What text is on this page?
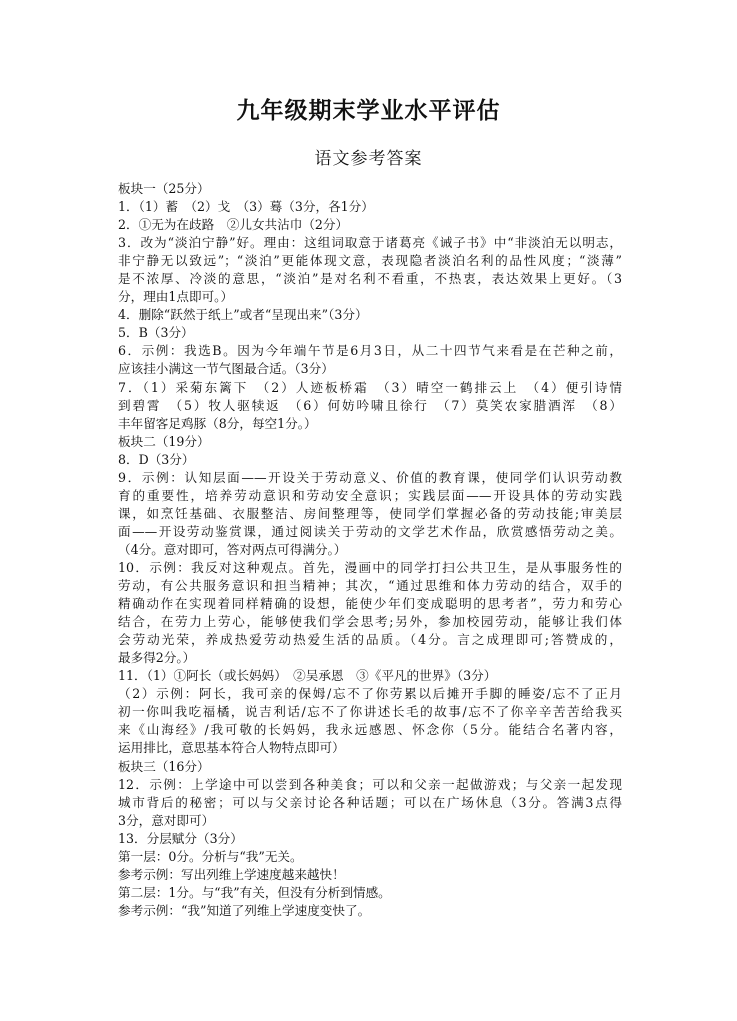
九年级期末学业水平评估
语文参考答案
板块一（25分）
1．（1）蓄　（2）戈　（3）蓦（3分，各1分）
2．①无为在歧路　②儿女共沾巾（2分）
3．改为“淡泊宁静”好。理由：这组词取意于诸葛亮《诫子书》中“非淡泊无以明志，
非宁静无以致远”；“淡泊”更能体现文意，表现隐者淡泊名利的品性风度；“淡薄”
是不浓厚、冷淡的意思，“淡泊”是对名利不看重，不热衷，表达效果上更好。（3
分，理由1点即可。）
4．删除“跃然于纸上”或者“呈现出来”（3分）
5．B（3分）
6．示例：我选B。因为今年端午节是6月3日，从二十四节气来看是在芒种之前，
应该挂小满这一节气图最合适。（3分）
7．（1）采菊东篱下　（2）人迹板桥霜　（3）晴空一鹤排云上　（4）便引诗情
到碧霄　（5）牧人驱犊返　（6）何妨吟啸且徐行　（7）莫笑农家腊酒浑　（8）
丰年留客足鸡豚（8分，每空1分。）
板块二（19分）
8．D（3分）
9．示例：认知层面——开设关于劳动意义、价值的教育课，使同学们认识劳动教
育的重要性，培养劳动意识和劳动安全意识；实践层面——开设具体的劳动实践
课，如烹饪基础、衣服整洁、房间整理等，使同学们掌握必备的劳动技能;审美层
面——开设劳动鉴赏课，通过阅读关于劳动的文学艺术作品，欣赏感悟劳动之美。
（4分。意对即可，答对两点可得满分。）
10．示例：我反对这种观点。首先，漫画中的同学打扫公共卫生，是从事服务性的
劳动，有公共服务意识和担当精神；其次，“通过思维和体力劳动的结合，双手的
精确动作在实现着同样精确的设想，能使少年们变成聪明的思考者”，劳力和劳心
结合，在劳力上劳心，能够使我们学会思考;另外，参加校园劳动，能够让我们体
会劳动光荣，养成热爱劳动热爱生活的品质。（4分。言之成理即可;答赞成的，
最多得2分。）
11．（1）①阿长（或长妈妈）　②吴承恩　③《平凡的世界》（3分）
（2）示例：阿长，我可亲的保姆/忘不了你劳累以后摊开手脚的睡姿/忘不了正月
初一你叫我吃福橘，说吉利话/忘不了你讲述长毛的故事/忘不了你辛辛苦苦给我买
来《山海经》/我可敬的长妈妈，我永远感恩、怀念你（5分。能结合名著内容，
运用排比，意思基本符合人物特点即可）
板块三（16分）
12．示例：上学途中可以尝到各种美食；可以和父亲一起做游戏；与父亲一起发现
城市背后的秘密；可以与父亲讨论各种话题；可以在广场休息（3分。答满3点得
3分，意对即可）
13．分层赋分（3分）
第一层：0分。分析与“我”无关。
参考示例：写出列维上学速度越来越快！
第二层：1分。与“我”有关，但没有分析到情感。
参考示例：“我”知道了列维上学速度变快了。
